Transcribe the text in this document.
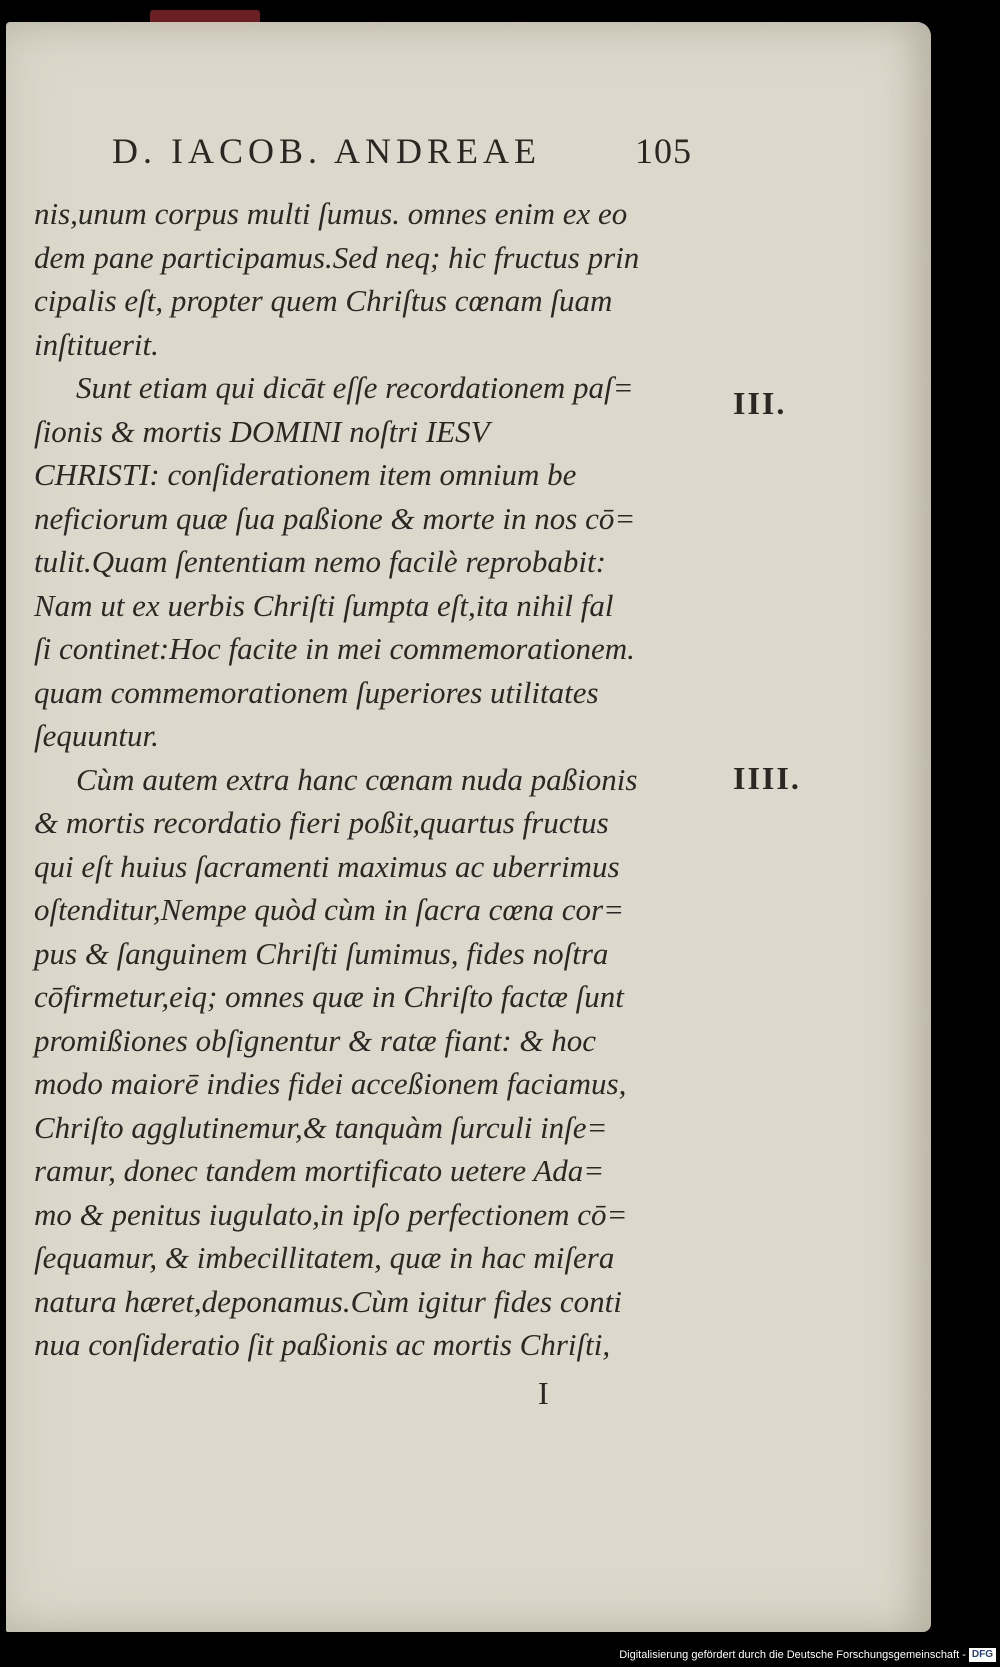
D. IACOB. ANDREAE	105
nis,unum corpus multi ſumus. omnes enim ex eo
dem pane participamus.Sed neq; hic fructus prin
cipalis eſt, propter quem Chriſtus cœnam ſuam
inſtituerit.
Sunt etiam qui dicāt eſſe recordationem paſ=
ſionis & mortis DOMINI noſtri IESV
CHRISTI: conſiderationem item omnium be
neficiorum quæ ſua paßione & morte in nos cō=
tulit.Quam ſententiam nemo facilè reprobabit:
Nam ut ex uerbis Chriſti ſumpta eſt,ita nihil fal
ſi continet:Hoc facite in mei commemorationem.
quam commemorationem ſuperiores utilitates
ſequuntur.
Cùm autem extra hanc cœnam nuda paßionis
& mortis recordatio fieri poßit,quartus fructus
qui eſt huius ſacramenti maximus ac uberrimus
oſtenditur,Nempe quòd cùm in ſacra cœna cor=
pus & ſanguinem Chriſti ſumimus, fides noſtra
cōfirmetur,eiq; omnes quæ in Chriſto factæ ſunt
promißiones obſignentur & ratæ fiant: & hoc
modo maiorē indies fidei acceßionem faciamus,
Chriſto agglutinemur,& tanquàm ſurculi inſe=
ramur, donec tandem mortificato uetere Ada=
mo & penitus iugulato,in ipſo perfectionem cō=
ſequamur, & imbecillitatem, quæ in hac miſera
natura hæret,deponamus.Cùm igitur fides conti
nua conſideratio ſit paßionis ac mortis Chriſti,
III.
IIII.
I
Digitalisierung gefördert durch die Deutsche Forschungsgemeinschaft - DFG
